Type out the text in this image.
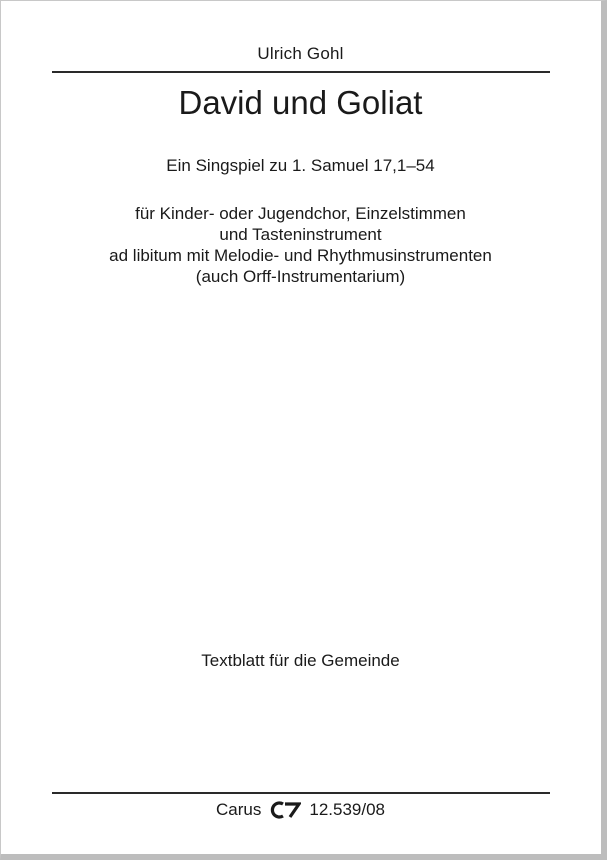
Ulrich Gohl
David und Goliat
Ein Singspiel zu 1. Samuel 17,1–54
für Kinder- oder Jugendchor, Einzelstimmen
und Tasteninstrument
ad libitum mit Melodie- und Rhythmusinstrumenten
(auch Orff-Instrumentarium)
Textblatt für die Gemeinde
Carus	12.539/08
